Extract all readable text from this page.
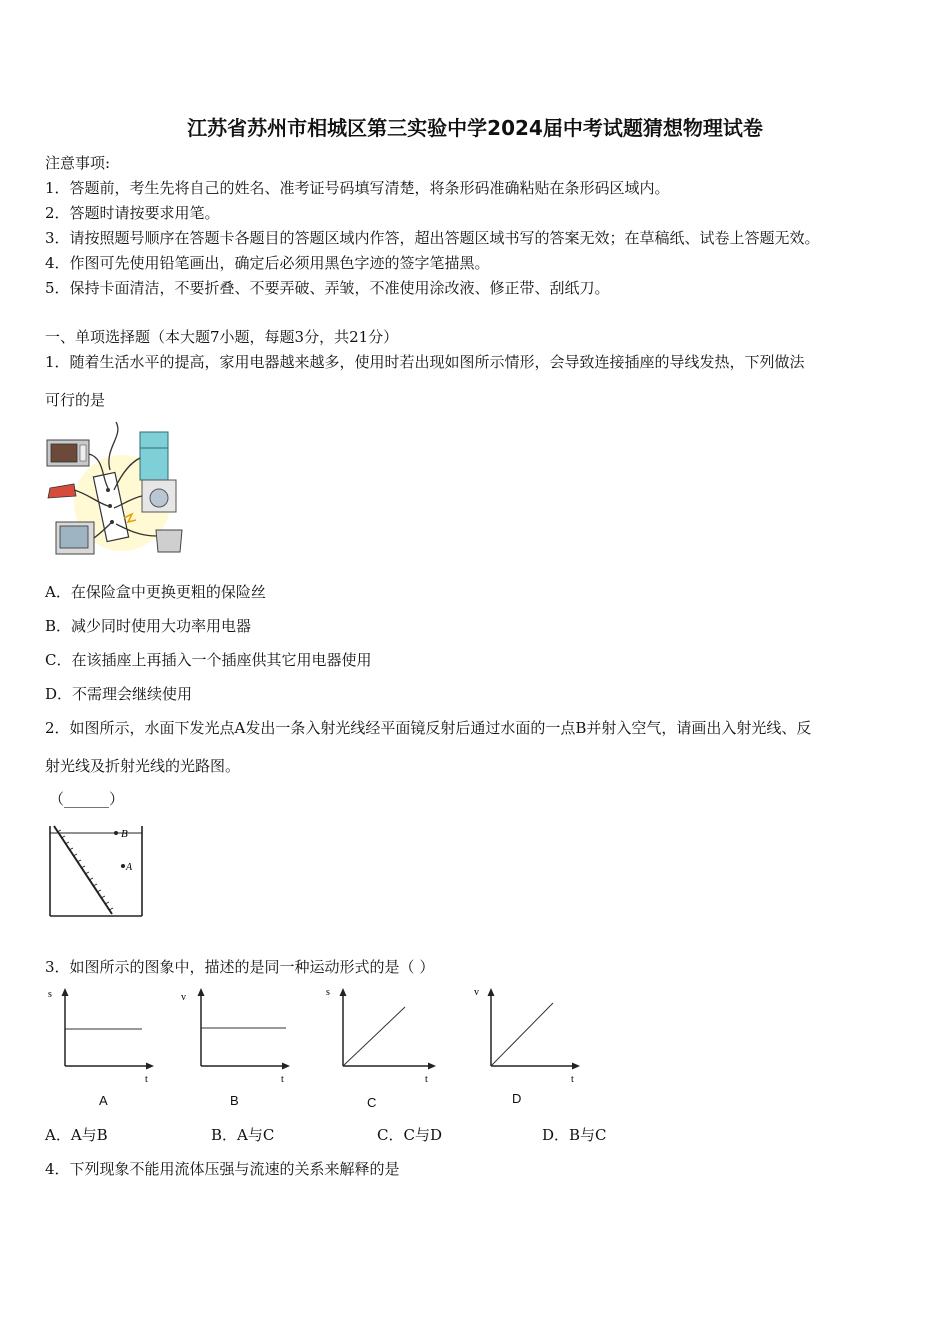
江苏省苏州市相城区第三实验中学2024届中考试题猜想物理试卷
注意事项:
1．答题前，考生先将自己的姓名、准考证号码填写清楚，将条形码准确粘贴在条形码区域内。
2．答题时请按要求用笔。
3．请按照题号顺序在答题卡各题目的答题区域内作答，超出答题区域书写的答案无效；在草稿纸、试卷上答题无效。
4．作图可先使用铅笔画出，确定后必须用黑色字迹的签字笔描黑。
5．保持卡面清洁，不要折叠、不要弄破、弄皱，不准使用涂改液、修正带、刮纸刀。
一、单项选择题（本大题7小题，每题3分，共21分）
1．随着生活水平的提高，家用电器越来越多，使用时若出现如图所示情形，会导致连接插座的导线发热，下列做法
可行的是
A．在保险盒中更换更粗的保险丝
B．减少同时使用大功率用电器
C．在该插座上再插入一个插座供其它用电器使用
D．不需理会继续使用
2．如图所示，水面下发光点A发出一条入射光线经平面镜反射后通过水面的一点B并射入空气，请画出入射光线、反
射光线及折射光线的光路图。
（______）
B
A
3．如图所示的图象中，描述的是同一种运动形式的是（ ）
s
t
A
v
t
B
s
t
C
v
t
D
A．A与B	B．A与C	C．C与D	D．B与C
4．下列现象不能用流体压强与流速的关系来解释的是
